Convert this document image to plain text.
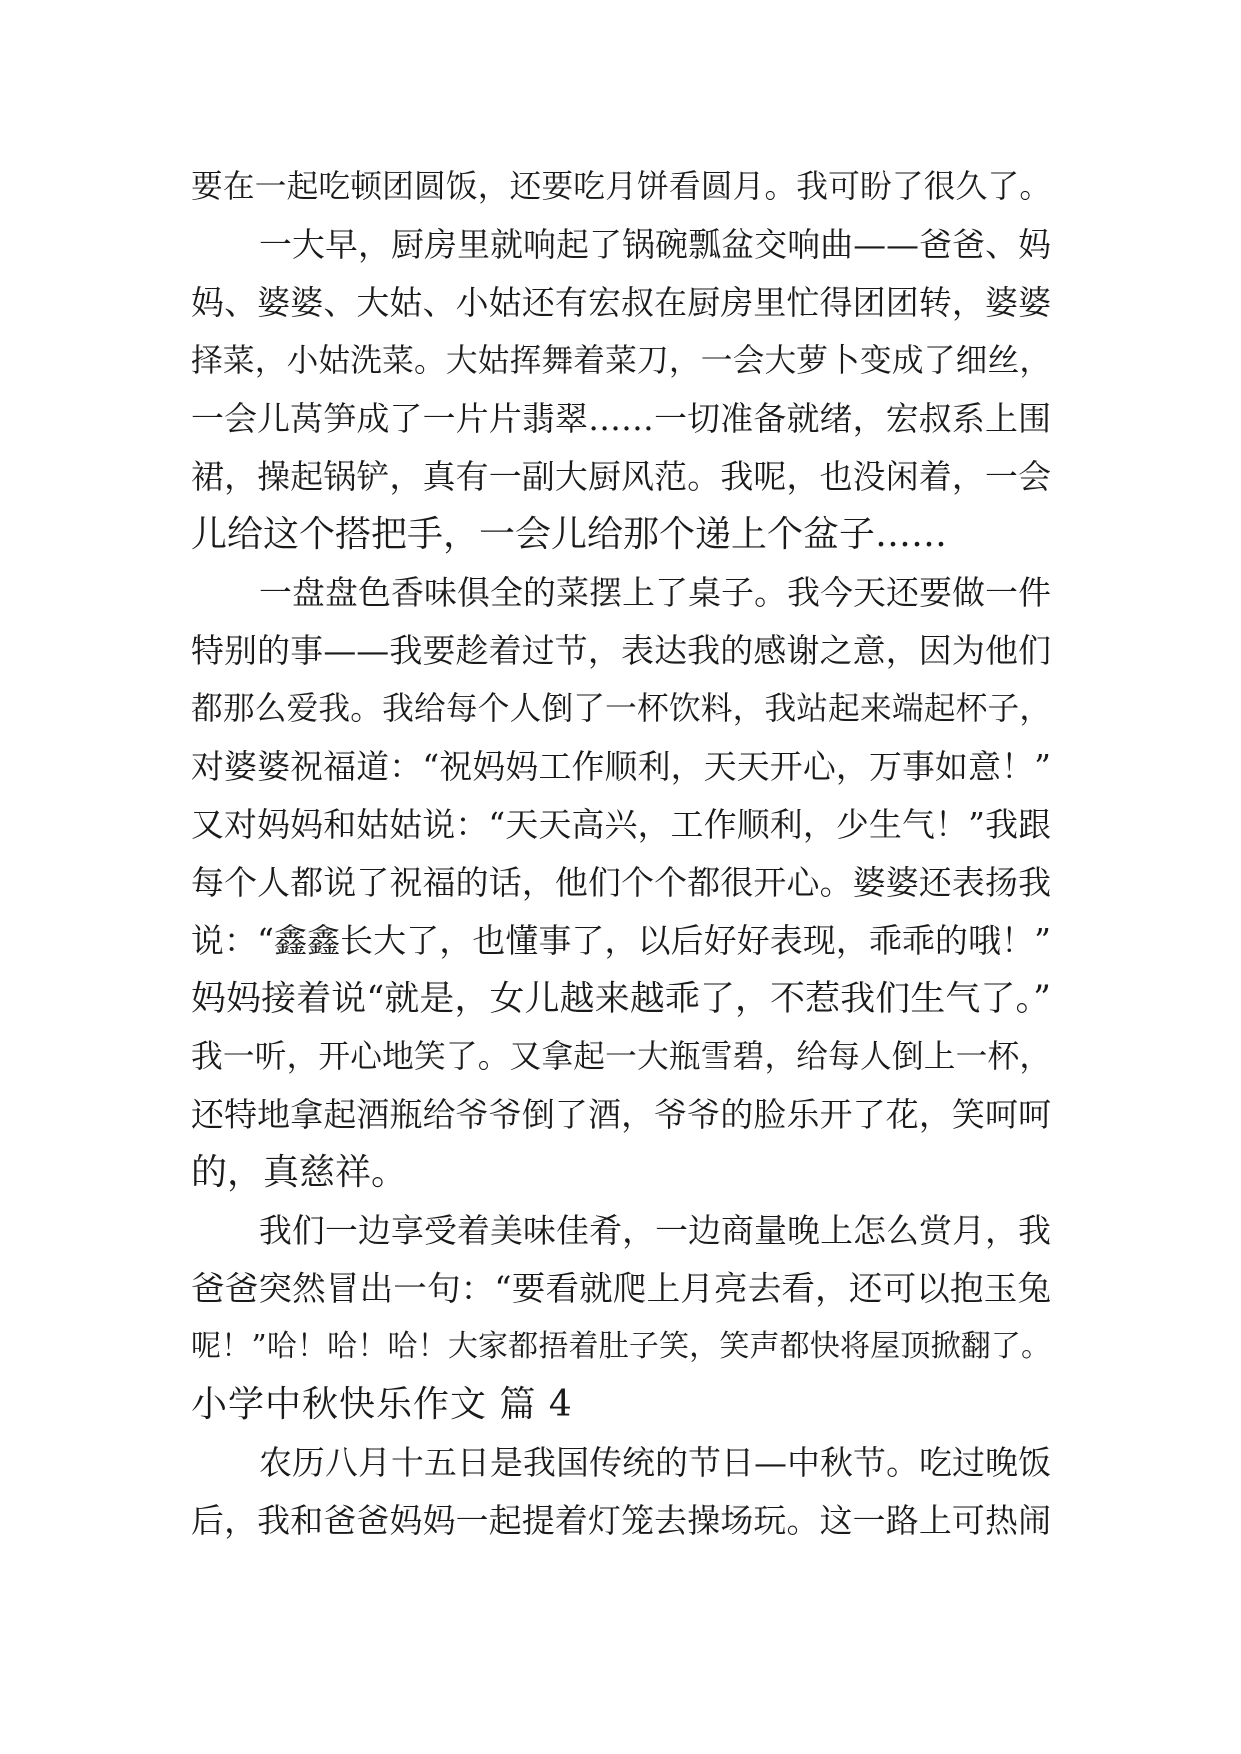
要在一起吃顿团圆饭，还要吃月饼看圆月。我可盼了很久了。
一大早，厨房里就响起了锅碗瓢盆交响曲——爸爸、妈
妈、婆婆、大姑、小姑还有宏叔在厨房里忙得团团转，婆婆
择菜，小姑洗菜。大姑挥舞着菜刀，一会大萝卜变成了细丝，
一会儿莴笋成了一片片翡翠……一切准备就绪，宏叔系上围
裙，操起锅铲，真有一副大厨风范。我呢，也没闲着，一会
儿给这个搭把手，一会儿给那个递上个盆子……
一盘盘色香味俱全的菜摆上了桌子。我今天还要做一件
特别的事——我要趁着过节，表达我的感谢之意，因为他们
都那么爱我。我给每个人倒了一杯饮料，我站起来端起杯子，
对婆婆祝福道：“祝妈妈工作顺利，天天开心，万事如意！”
又对妈妈和姑姑说：“天天高兴，工作顺利，少生气！”我跟
每个人都说了祝福的话，他们个个都很开心。婆婆还表扬我
说：“鑫鑫长大了，也懂事了，以后好好表现，乖乖的哦！”
妈妈接着说“就是，女儿越来越乖了，不惹我们生气了。”
我一听，开心地笑了。又拿起一大瓶雪碧，给每人倒上一杯，
还特地拿起酒瓶给爷爷倒了酒，爷爷的脸乐开了花，笑呵呵
的，真慈祥。
我们一边享受着美味佳肴，一边商量晚上怎么赏月，我
爸爸突然冒出一句：“要看就爬上月亮去看，还可以抱玉兔
呢！”哈！哈！哈！大家都捂着肚子笑，笑声都快将屋顶掀翻了。
小学中秋快乐作文 篇 4
农历八月十五日是我国传统的节日—中秋节。吃过晚饭
后，我和爸爸妈妈一起提着灯笼去操场玩。这一路上可热闹
